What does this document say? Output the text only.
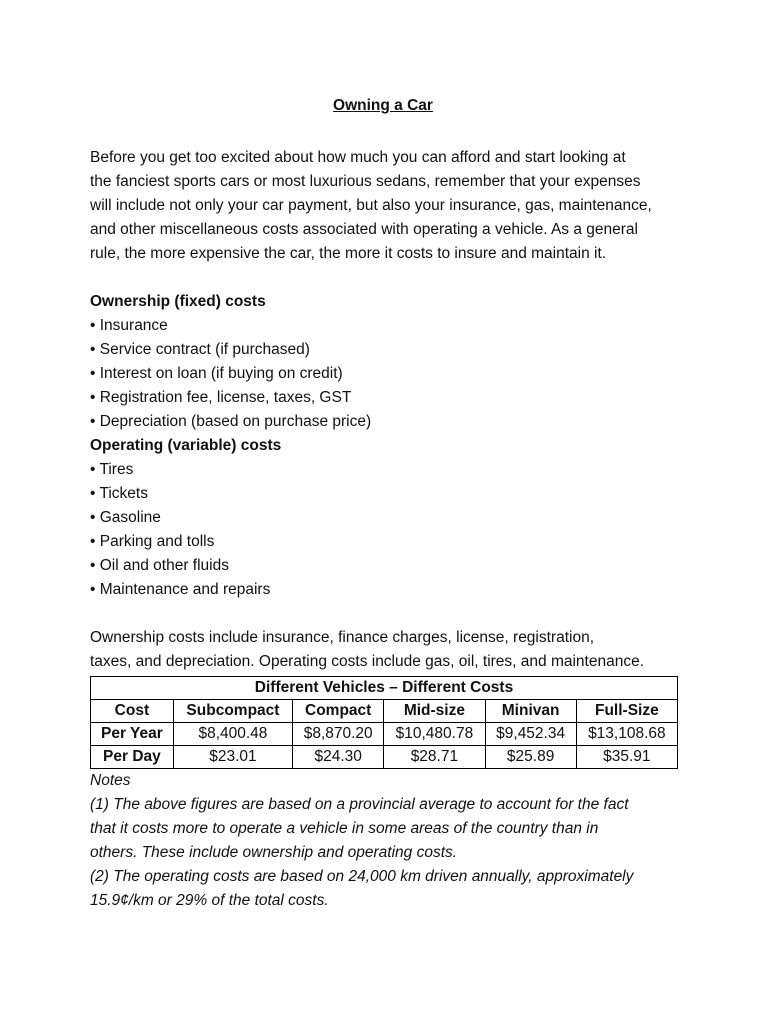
Owning a Car

Before you get too excited about how much you can afford and start looking at
the fanciest sports cars or most luxurious sedans, remember that your expenses
will include not only your car payment, but also your insurance, gas, maintenance,
and other miscellaneous costs associated with operating a vehicle. As a general
rule, the more expensive the car, the more it costs to insure and maintain it.

Ownership (fixed) costs

• Insurance
• Service contract (if purchased)
• Interest on loan (if buying on credit)
• Registration fee, license, taxes, GST
• Depreciation (based on purchase price)

Operating (variable) costs

• Tires
• Tickets
• Gasoline
• Parking and tolls
• Oil and other fluids
• Maintenance and repairs

Ownership costs include insurance, finance charges, license, registration,
taxes, and depreciation. Operating costs include gas, oil, tires, and maintenance.

Different Vehicles – Different Costs					
Cost	Subcompact	Compact	Mid-size	Minivan	Full-Size
Per Year	$8,400.48	$8,870.20	$10,480.78	$9,452.34	$13,108.68
Per Day	$23.01	$24.30	$28.71	$25.89	$35.91
Notes
(1) The above figures are based on a provincial average to account for the fact
that it costs more to operate a vehicle in some areas of the country than in
others. These include ownership and operating costs.
(2) The operating costs are based on 24,000 km driven annually, approximately
15.9¢/km or 29% of the total costs.
